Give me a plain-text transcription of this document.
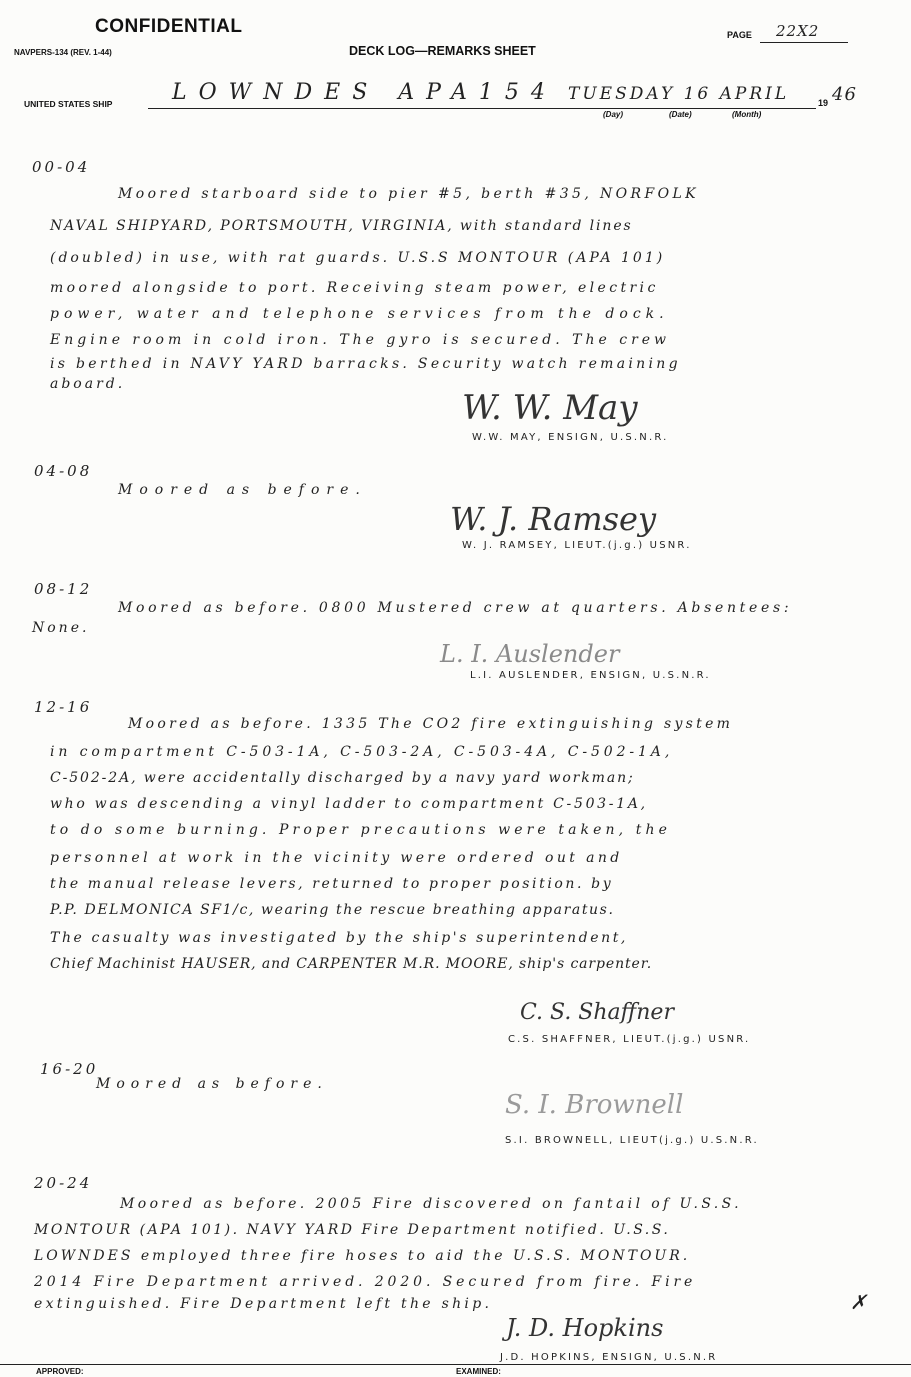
CONFIDENTIAL
NAVPERS-134 (REV. 1-44)	DECK LOG—REMARKS SHEET
PAGE 22X2
UNITED STATES SHIP	LOWNDES APA154 TUESDAY 16 APRIL	19 46
(Day)	(Date)	(Month)
00-04
Moored starboard side to pier #5, berth #35, NORFOLK
NAVAL SHIPYARD, PORTSMOUTH, VIRGINIA, with standard lines
(doubled) in use, with rat guards. U.S.S MONTOUR (APA 101)
moored alongside to port. Receiving steam power, electric
power, water and telephone services from the dock.
Engine room in cold iron. The gyro is secured. The crew
is berthed in NAVY YARD barracks. Security watch remaining
aboard.
W. W. May
W.W. MAY, ENSIGN, U.S.N.R.
04-08
Moored as before.
W. J. Ramsey
W. J. RAMSEY, LIEUT.(j.g.) USNR.
08-12
Moored as before. 0800 Mustered crew at quarters. Absentees:
None.
L. I. Auslender
L.I. AUSLENDER, ENSIGN, U.S.N.R.
12-16
Moored as before. 1335 The CO2 fire extinguishing system
in compartment C-503-1A, C-503-2A, C-503-4A, C-502-1A,
C-502-2A, were accidentally discharged by a navy yard workman;
who was descending a vinyl ladder to compartment C-503-1A,
to do some burning. Proper precautions were taken, the
personnel at work in the vicinity were ordered out and
the manual release levers, returned to proper position. by
P.P. DELMONICA SF1/c, wearing the rescue breathing apparatus.
The casualty was investigated by the ship's superintendent,
Chief Machinist HAUSER, and CARPENTER M.R. MOORE, ship's carpenter.
C. S. Shaffner
C.S. SHAFFNER, LIEUT.(j.g.) USNR.
16-20
Moored as before.
S. I. Brownell
S.I. BROWNELL, LIEUT(j.g.) U.S.N.R.
20-24
Moored as before. 2005 Fire discovered on fantail of U.S.S.
MONTOUR (APA 101). NAVY YARD Fire Department notified. U.S.S.
LOWNDES employed three fire hoses to aid the U.S.S. MONTOUR.
2014 Fire Department arrived. 2020. Secured from fire. Fire
extinguished. Fire Department left the ship.	✗
J. D. Hopkins
J.D. HOPKINS, ENSIGN, U.S.N.R
APPROVED:	EXAMINED:
